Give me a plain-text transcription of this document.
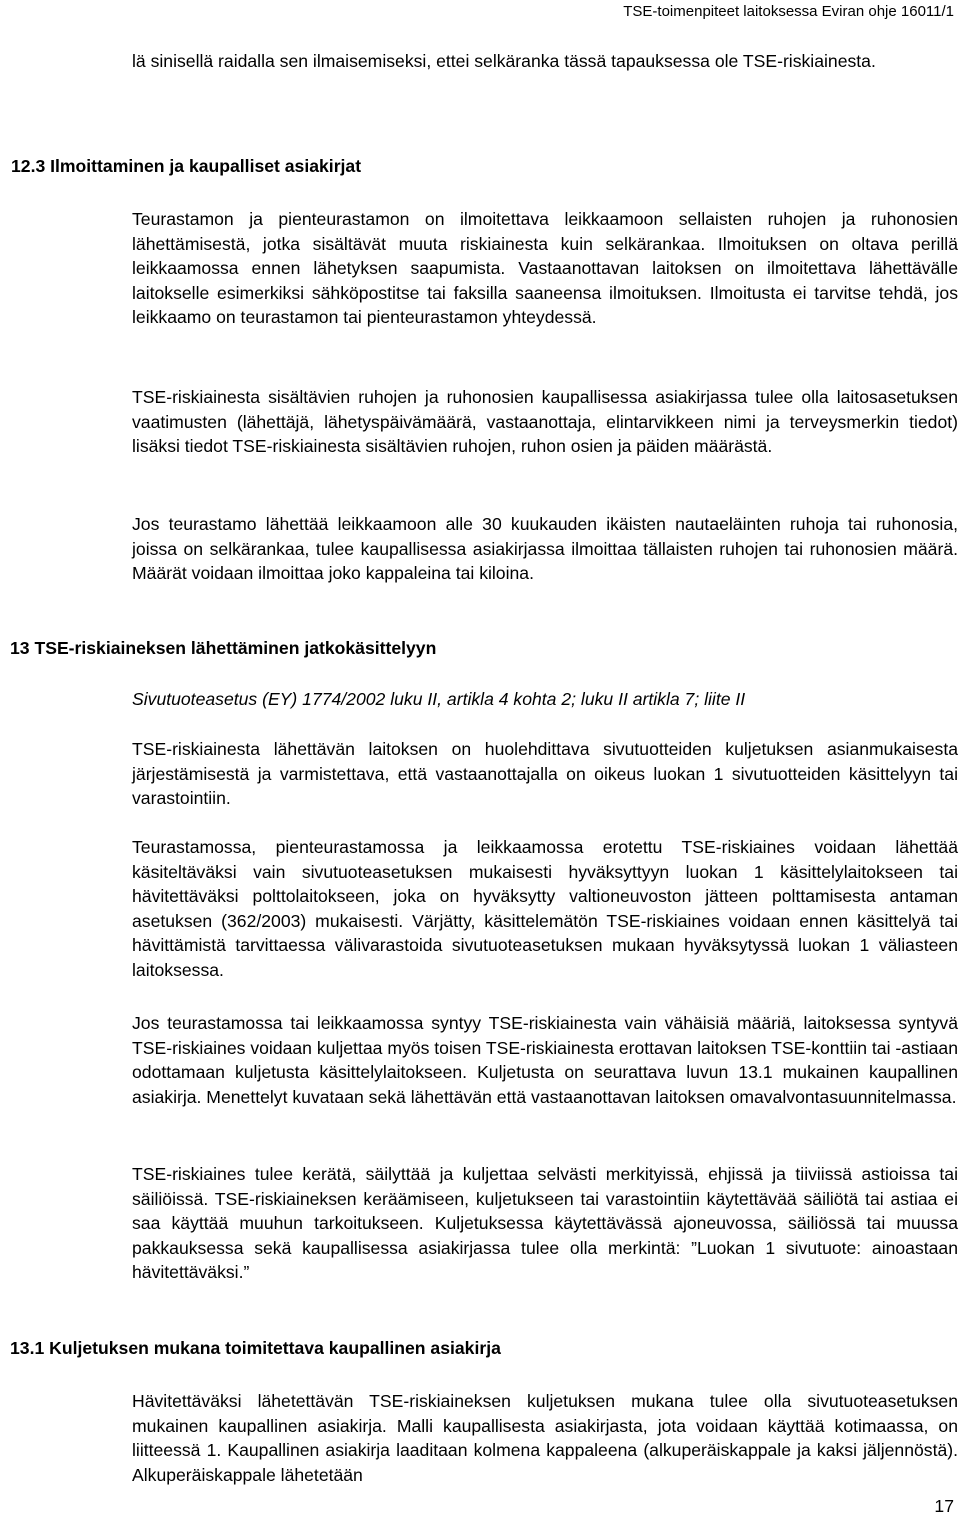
TSE-toimenpiteet laitoksessa Eviran ohje 16011/1
lä sinisellä raidalla sen ilmaisemiseksi, ettei selkäranka tässä tapauksessa ole TSE-riskiainesta.
12.3 Ilmoittaminen ja kaupalliset asiakirjat
Teurastamon ja pienteurastamon on ilmoitettava leikkaamoon sellaisten ruhojen ja ruhonosien lähettämisestä, jotka sisältävät muuta riskiainesta kuin selkärankaa. Ilmoituksen on oltava perillä leikkaamossa ennen lähetyksen saapumista. Vastaanottavan laitoksen on ilmoitettava lähettävälle laitokselle esimerkiksi sähköpostitse tai faksilla saaneensa ilmoituksen. Ilmoitusta ei tarvitse tehdä, jos leikkaamo on teurastamon tai pienteurastamon yhteydessä.
TSE-riskiainesta sisältävien ruhojen ja ruhonosien kaupallisessa asiakirjassa tulee olla laitosasetuksen vaatimusten (lähettäjä, lähetyspäivämäärä, vastaanottaja, elintarvikkeen nimi ja terveysmerkin tiedot) lisäksi tiedot TSE-riskiainesta sisältävien ruhojen, ruhon osien ja päiden määrästä.
Jos teurastamo lähettää leikkaamoon alle 30 kuukauden ikäisten nautaeläinten ruhoja tai ruhonosia, joissa on selkärankaa, tulee kaupallisessa asiakirjassa ilmoittaa tällaisten ruhojen tai ruhonosien määrä. Määrät voidaan ilmoittaa joko kappaleina tai kiloina.
13 TSE-riskiaineksen lähettäminen jatkokäsittelyyn
Sivutuoteasetus (EY) 1774/2002 luku II, artikla 4 kohta 2; luku II artikla 7; liite II
TSE-riskiainesta lähettävän laitoksen on huolehdittava sivutuotteiden kuljetuksen asianmukaisesta järjestämisestä ja varmistettava, että vastaanottajalla on oikeus luokan 1 sivutuotteiden käsittelyyn tai varastointiin.
Teurastamossa, pienteurastamossa ja leikkaamossa erotettu TSE-riskiaines voidaan lähettää käsiteltäväksi vain sivutuoteasetuksen mukaisesti hyväksyttyyn luokan 1 käsittelylaitokseen tai hävitettäväksi polttolaitokseen, joka on hyväksytty valtioneuvoston jätteen polttamisesta antaman asetuksen (362/2003) mukaisesti. Värjätty, käsittelemätön TSE-riskiaines voidaan ennen käsittelyä tai hävittämistä tarvittaessa välivarastoida sivutuoteasetuksen mukaan hyväksytyssä luokan 1 väliasteen laitoksessa.
Jos teurastamossa tai leikkaamossa syntyy TSE-riskiainesta vain vähäisiä määriä, laitoksessa syntyvä TSE-riskiaines voidaan kuljettaa myös toisen TSE-riskiainesta erottavan laitoksen TSE-konttiin tai -astiaan odottamaan kuljetusta käsittelylaitokseen. Kuljetusta on seurattava luvun 13.1 mukainen kaupallinen asiakirja. Menettelyt kuvataan sekä lähettävän että vastaanottavan laitoksen omavalvontasuunnitelmassa.
TSE-riskiaines tulee kerätä, säilyttää ja kuljettaa selvästi merkityissä, ehjissä ja tiiviissä astioissa tai säiliöissä. TSE-riskiaineksen keräämiseen, kuljetukseen tai varastointiin käytettävää säiliötä tai astiaa ei saa käyttää muuhun tarkoitukseen. Kuljetuksessa käytettävässä ajoneuvossa, säiliössä tai muussa pakkauksessa sekä kaupallisessa asiakirjassa tulee olla merkintä: ”Luokan 1 sivutuote: ainoastaan hävitettäväksi.”
13.1 Kuljetuksen mukana toimitettava kaupallinen asiakirja
Hävitettäväksi lähetettävän TSE-riskiaineksen kuljetuksen mukana tulee olla sivutuoteasetuksen mukainen kaupallinen asiakirja. Malli kaupallisesta asiakirjasta, jota voidaan käyttää kotimaassa, on liitteessä 1. Kaupallinen asiakirja laaditaan kolmena kappaleena (alkuperäiskappale ja kaksi jäljennöstä). Alkuperäiskappale lähetetään
17
